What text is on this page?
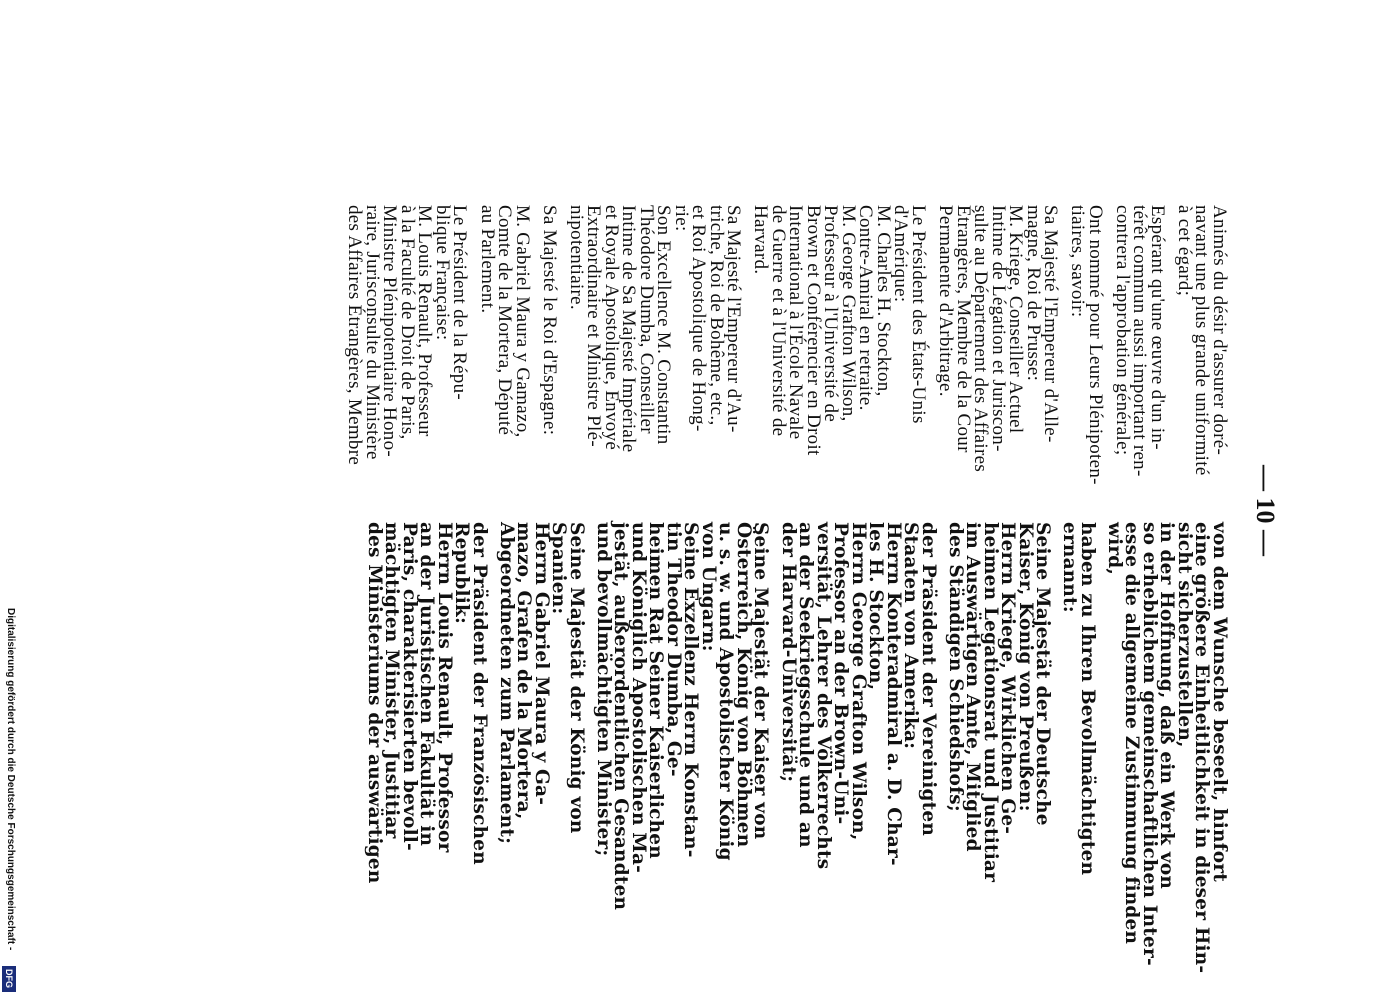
— 10 —
Animés du désir d'assurer doré-
navant une plus grande uniformité
à cet égard;
Espérant qu'une œuvre d'un in-
térêt commun aussi important ren-
contrera l'approbation générale;
Ont nommé pour Leurs Plénipoten-
tiaires, savoir:
Sa Majesté l'Empereur d'Alle-
magne, Roi de Prusse:
M. Kriege, Conseiller Actuel
Intime de Légation et Juriscon-
sulte au Département des Affaires
Étrangères, Membre de la Cour
Permanente d'Arbitrage.
Le Président des États-Unis
d'Amérique:
M. Charles H. Stockton,
Contre-Amiral en retraite.
M. George Grafton Wilson,
Professeur à l'Université de
Brown et Conférencier en Droit
International à l'École Navale
de Guerre et à l'Université de
Harvard.
Sa Majesté l'Empereur d'Au-
triche, Roi de Bohême, etc.,
et Roi Apostolique de Hong-
rie:
Son Excellence M. Constantin
Théodore Dumba, Conseiller
Intime de Sa Majesté Impériale
et Royale Apostolique, Envoyé
Extraordinaire et Ministre Plé-
nipotentiaire.
Sa Majesté le Roi d'Espagne:
M. Gabriel Maura y Gamazo,
Comte de la Mortera, Député
au Parlement.
Le Président de la Répu-
blique Française:
M. Louis Renault, Professeur
à la Faculté de Droit de Paris,
Ministre Plénipotentiaire Hono-
raire, Jurisconsulte du Ministère
des Affaires Étrangères, Membre
von dem Wunsche beseelt, hinfort
eine größere Einheitlichkeit in dieser Hin-
sicht sicherzustellen,
in der Hoffnung, daß ein Werk von
so erheblichem gemeinschaftlichen Inter-
esse die allgemeine Zustimmung finden
wird,
haben zu Ihren Bevollmächtigten
ernannt:
Seine Majestät der Deutsche
Kaiser, König von Preußen:
Herrn Kriege, Wirklichen Ge-
heimen Legationsrat und Justitiar
im Auswärtigen Amte, Mitglied
des Ständigen Schiedshofs;
der Präsident der Vereinigten
Staaten von Amerika:
Herrn Konteradmiral a. D. Char-
les H. Stockton,
Herrn George Grafton Wilson,
Professor an der Brown-Uni-
versität, Lehrer des Völkerrechts
an der Seekriegsschule und an
der Harvard-Universität;
Seine Majestät der Kaiser von
Österreich, König von Böhmen
u. s. w. und Apostolischer König
von Ungarn:
Seine Exzellenz Herrn Konstan-
tin Theodor Dumba, Ge-
heimen Rat Seiner Kaiserlichen
und Königlich Apostolischen Ma-
jestät, außerordentlichen Gesandten
und bevollmächtigten Minister;
Seine Majestät der König von
Spanien:
Herrn Gabriel Maura y Ga-
mazo, Grafen de la Mortera,
Abgeordneten zum Parlament;
der Präsident der Französischen
Republik:
Herrn Louis Renault, Professor
an der Juristischen Fakultät in
Paris, charakterisierten bevoll-
mächtigten Minister, Justitiar
des Ministeriums der auswärtigen
Digitalisierung gefördert durch die Deutsche Forschungsgemeinschaft -
DFG
